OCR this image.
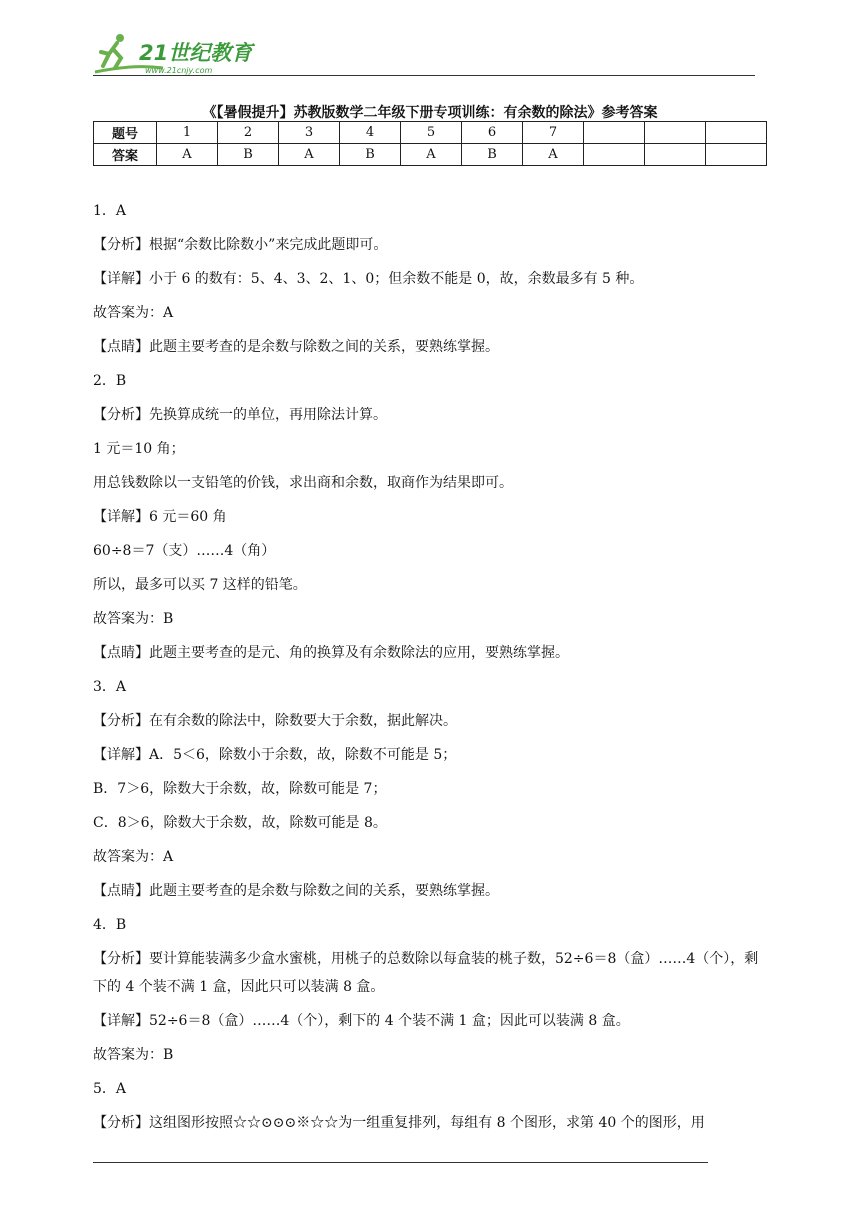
21世纪教育
www.21cnjy.com
《【暑假提升】苏教版数学二年级下册专项训练：有余数的除法》参考答案
题号	1	2	3	4	5	6	7			
答案	A	B	A	B	A	B	A			

1．A

【分析】根据“余数比除数小”来完成此题即可。

【详解】小于 6 的数有：5、4、3、2、1、0；但余数不能是 0，故，余数最多有 5 种。

故答案为：A

【点睛】此题主要考查的是余数与除数之间的关系，要熟练掌握。

2．B

【分析】先换算成统一的单位，再用除法计算。

1 元＝10 角；

用总钱数除以一支铅笔的价钱，求出商和余数，取商作为结果即可。

【详解】6 元＝60 角

60÷8＝7（支）……4（角）

所以，最多可以买 7 这样的铅笔。

故答案为：B

【点睛】此题主要考查的是元、角的换算及有余数除法的应用，要熟练掌握。

3．A

【分析】在有余数的除法中，除数要大于余数，据此解决。

【详解】A．5＜6，除数小于余数，故，除数不可能是 5；

B．7＞6，除数大于余数，故，除数可能是 7；

C．8＞6，除数大于余数，故，除数可能是 8。

故答案为：A

【点睛】此题主要考查的是余数与除数之间的关系，要熟练掌握。

4．B

【分析】要计算能装满多少盒水蜜桃，用桃子的总数除以每盒装的桃子数，52÷6＝8（盒）……4（个），剩下的 4 个装不满 1 盒，因此只可以装满 8 盒。

【详解】52÷6＝8（盒）……4（个），剩下的 4 个装不满 1 盒；因此可以装满 8 盒。

故答案为：B

5．A

【分析】这组图形按照☆☆⊙⊙⊙※☆☆为一组重复排列，每组有 8 个图形，求第 40 个的图形，用
